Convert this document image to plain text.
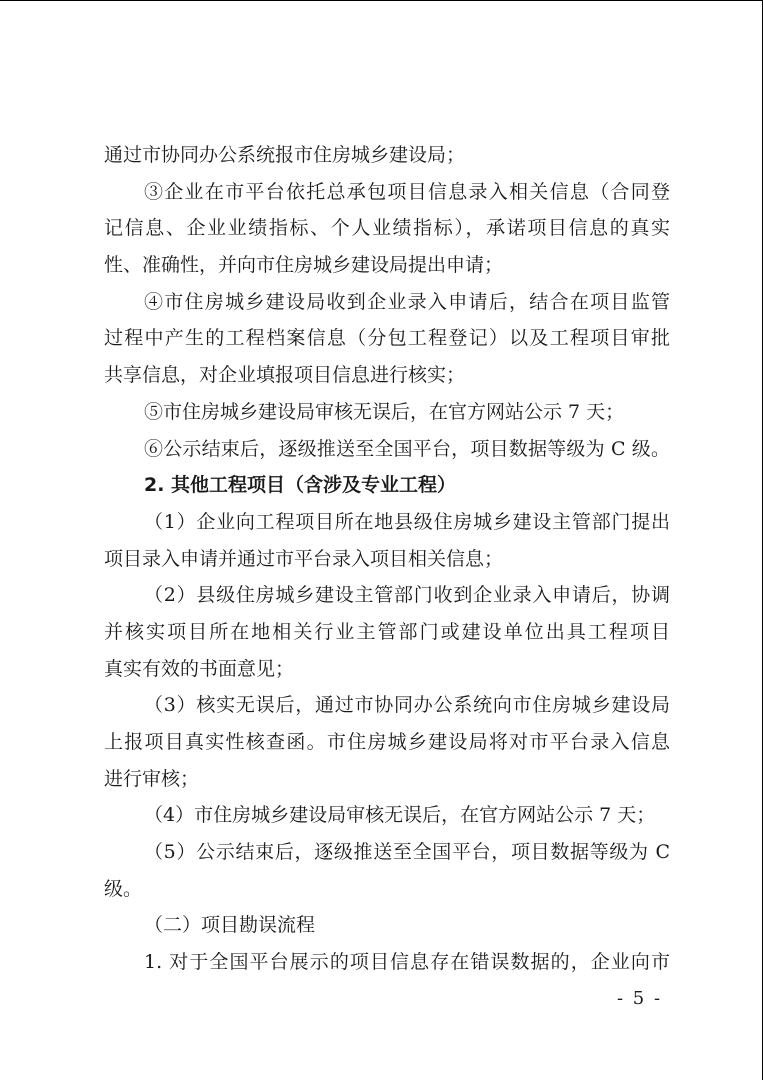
通过市协同办公系统报市住房城乡建设局；
③企业在市平台依托总承包项目信息录入相关信息（合同登
记信息、企业业绩指标、个人业绩指标），承诺项目信息的真实
性、准确性，并向市住房城乡建设局提出申请；
④市住房城乡建设局收到企业录入申请后，结合在项目监管
过程中产生的工程档案信息（分包工程登记）以及工程项目审批
共享信息，对企业填报项目信息进行核实；
⑤市住房城乡建设局审核无误后，在官方网站公示 7 天；
⑥公示结束后，逐级推送至全国平台，项目数据等级为 C 级。
2. 其他工程项目（含涉及专业工程）
（1）企业向工程项目所在地县级住房城乡建设主管部门提出
项目录入申请并通过市平台录入项目相关信息；
（2）县级住房城乡建设主管部门收到企业录入申请后，协调
并核实项目所在地相关行业主管部门或建设单位出具工程项目
真实有效的书面意见；
（3）核实无误后，通过市协同办公系统向市住房城乡建设局
上报项目真实性核查函。市住房城乡建设局将对市平台录入信息
进行审核；
（4）市住房城乡建设局审核无误后，在官方网站公示 7 天；
（5）公示结束后，逐级推送至全国平台，项目数据等级为 C
级。
（二）项目勘误流程
1. 对于全国平台展示的项目信息存在错误数据的，企业向市
- 5 -
